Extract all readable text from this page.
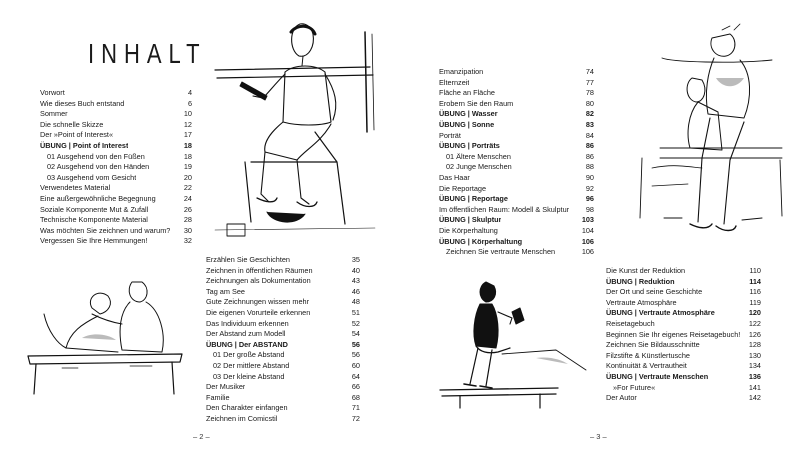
INHALT
Vorwort	4
Wie dieses Buch entstand	6
Sommer	10
Die schnelle Skizze	12
Der »Point of Interest«	17
ÜBUNG | Point of Interest	18
01 Ausgehend von den Füßen	18
02 Ausgehend von den Händen	19
03 Ausgehend vom Gesicht	20
Verwendetes Material	22
Eine außergewöhnliche Begegnung	24
Soziale Komponente Mut & Zufall	26
Technische Komponente Material	28
Was möchten Sie zeichnen und warum?	30
Vergessen Sie Ihre Hemmungen!	32
Erzählen Sie Geschichten	35
Zeichnen in öffentlichen Räumen	40
Zeichnungen als Dokumentation	43
Tag am See	46
Gute Zeichnungen wissen mehr	48
Die eigenen Vorurteile erkennen	51
Das Individuum erkennen	52
Der Abstand zum Modell	54
ÜBUNG | Der ABSTAND	56
01 Der große Abstand	56
02 Der mittlere Abstand	60
03 Der kleine Abstand	64
Der Musiker	66
Familie	68
Den Charakter einfangen	71
Zeichnen im Comicstil	72
Emanzipation	74
Elternzeit	77
Fläche an Fläche	78
Erobern Sie den Raum	80
ÜBUNG | Wasser	82
ÜBUNG | Sonne	83
Porträt	84
ÜBUNG | Porträts	86
01 Ältere Menschen	86
02 Junge Menschen	88
Das Haar	90
Die Reportage	92
ÜBUNG | Reportage	96
Im öffentlichen Raum: Modell & Skulptur	98
ÜBUNG | Skulptur	103
Die Körperhaltung	104
ÜBUNG | Körperhaltung	106
Zeichnen Sie vertraute Menschen	106
Die Kunst der Reduktion	110
ÜBUNG | Reduktion	114
Der Ort und seine Geschichte	116
Vertraute Atmosphäre	119
ÜBUNG | Vertraute Atmosphäre	120
Reisetagebuch	122
Beginnen Sie Ihr eigenes Reisetagebuch!	126
Zeichnen Sie Bildausschnitte	128
Filzstifte & Künstlertusche	130
Kontinuität & Vertrautheit	134
ÜBUNG | Vertraute Menschen	136
»For Future«	141
Der Autor	142
– 2 –	– 3 –
